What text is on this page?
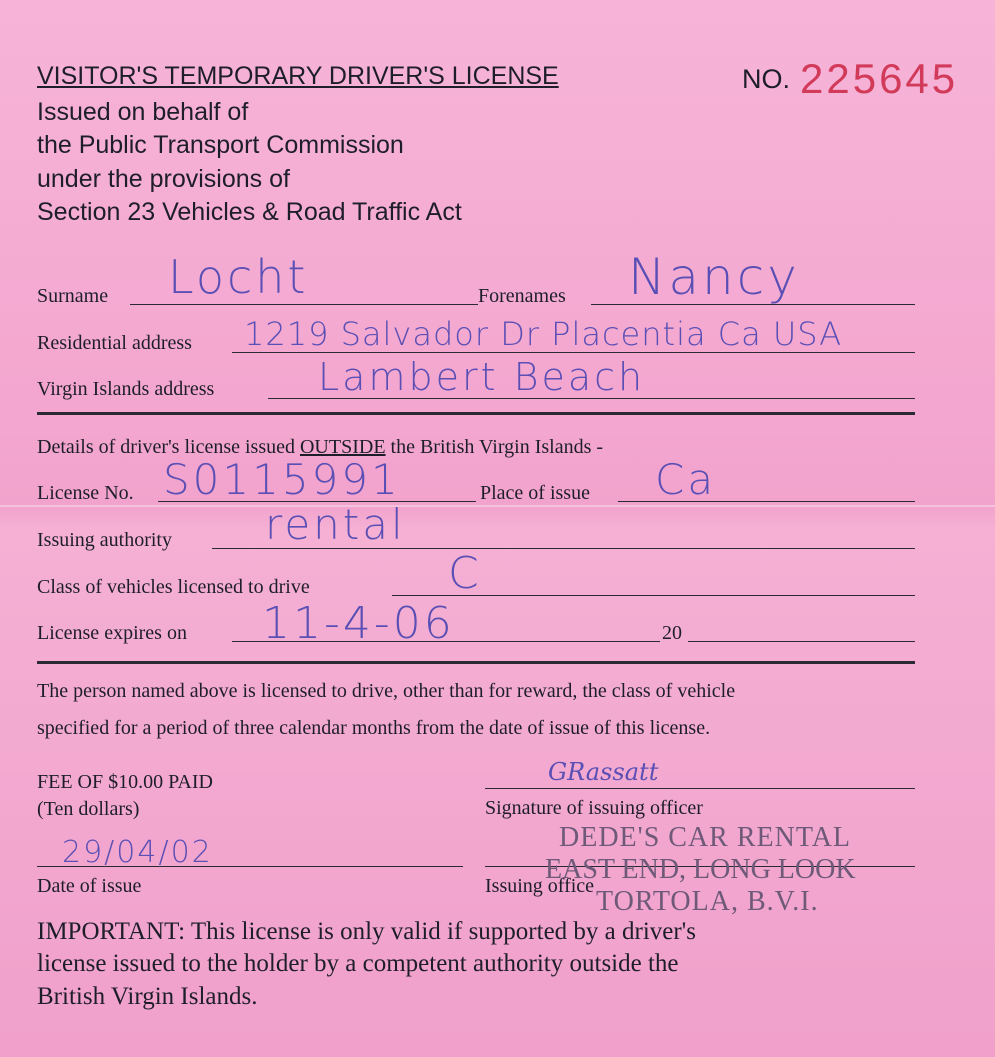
VISITOR'S TEMPORARY DRIVER'S LICENSE
Issued on behalf of
the Public Transport Commission
under the provisions of
Section 23 Vehicles & Road Traffic Act
NO. 225645
Surname Locht	Forenames Nancy
Residential address 1219 Salvador Dr Placentia Ca USA
Virgin Islands address	Lambert Beach
Details of driver's license issued OUTSIDE the British Virgin Islands -
License No. S0115991	Place of issue Ca
Issuing authority rental
Class of vehicles licensed to drive	C
License expires on 11-4-06	20
The person named above is licensed to drive, other than for reward, the class of vehicle
specified for a period of three calendar months from the date of issue of this license.
FEE OF $10.00 PAID
(Ten dollars)
GRassatt
Signature of issuing officer
29/04/02
Date of issue	Issuing office
DEDE'S CAR RENTAL
EAST END, LONG LOOK
TORTOLA, B.V.I.
IMPORTANT: This license is only valid if supported by a driver's
license issued to the holder by a competent authority outside the
British Virgin Islands.
